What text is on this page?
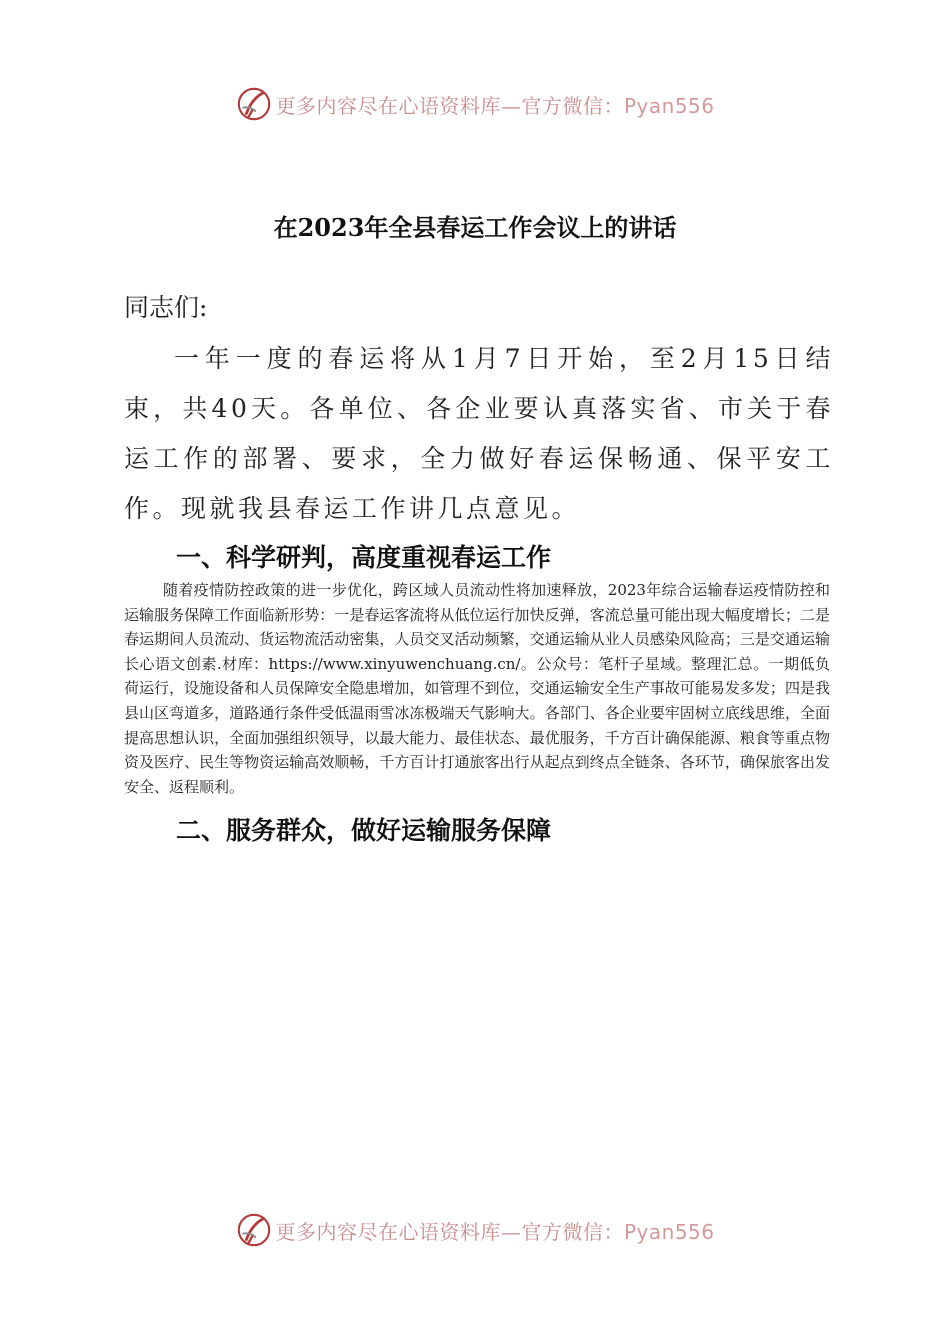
更多内容尽在心语资料库—官方微信：Pyan556
在2023年全县春运工作会议上的讲话
同志们:
一年一度的春运将从1月7日开始，至2月15日结束，共40天。各单位、各企业要认真落实省、市关于春运工作的部署、要求，全力做好春运保畅通、保平安工作。现就我县春运工作讲几点意见。
一、科学研判，高度重视春运工作
随着疫情防控政策的进一步优化，跨区域人员流动性将加速释放，2023年综合运输春运疫情防控和运输服务保障工作面临新形势：一是春运客流将从低位运行加快反弹，客流总量可能出现大幅度增长；二是春运期间人员流动、货运物流活动密集，人员交叉活动频繁，交通运输从业人员感染风险高；三是交通运输长心语文创素.材库：https://www.xinyuwenchuang.cn/。公众号：笔杆子星域。整理汇总。一期低负荷运行，设施设备和人员保障安全隐患增加，如管理不到位，交通运输安全生产事故可能易发多发；四是我县山区弯道多，道路通行条件受低温雨雪冰冻极端天气影响大。各部门、各企业要牢固树立底线思维，全面提高思想认识，全面加强组织领导，以最大能力、最佳状态、最优服务，千方百计确保能源、粮食等重点物资及医疗、民生等物资运输高效顺畅，千方百计打通旅客出行从起点到终点全链条、各环节，确保旅客出发安全、返程顺利。
二、服务群众，做好运输服务保障
更多内容尽在心语资料库—官方微信：Pyan556
